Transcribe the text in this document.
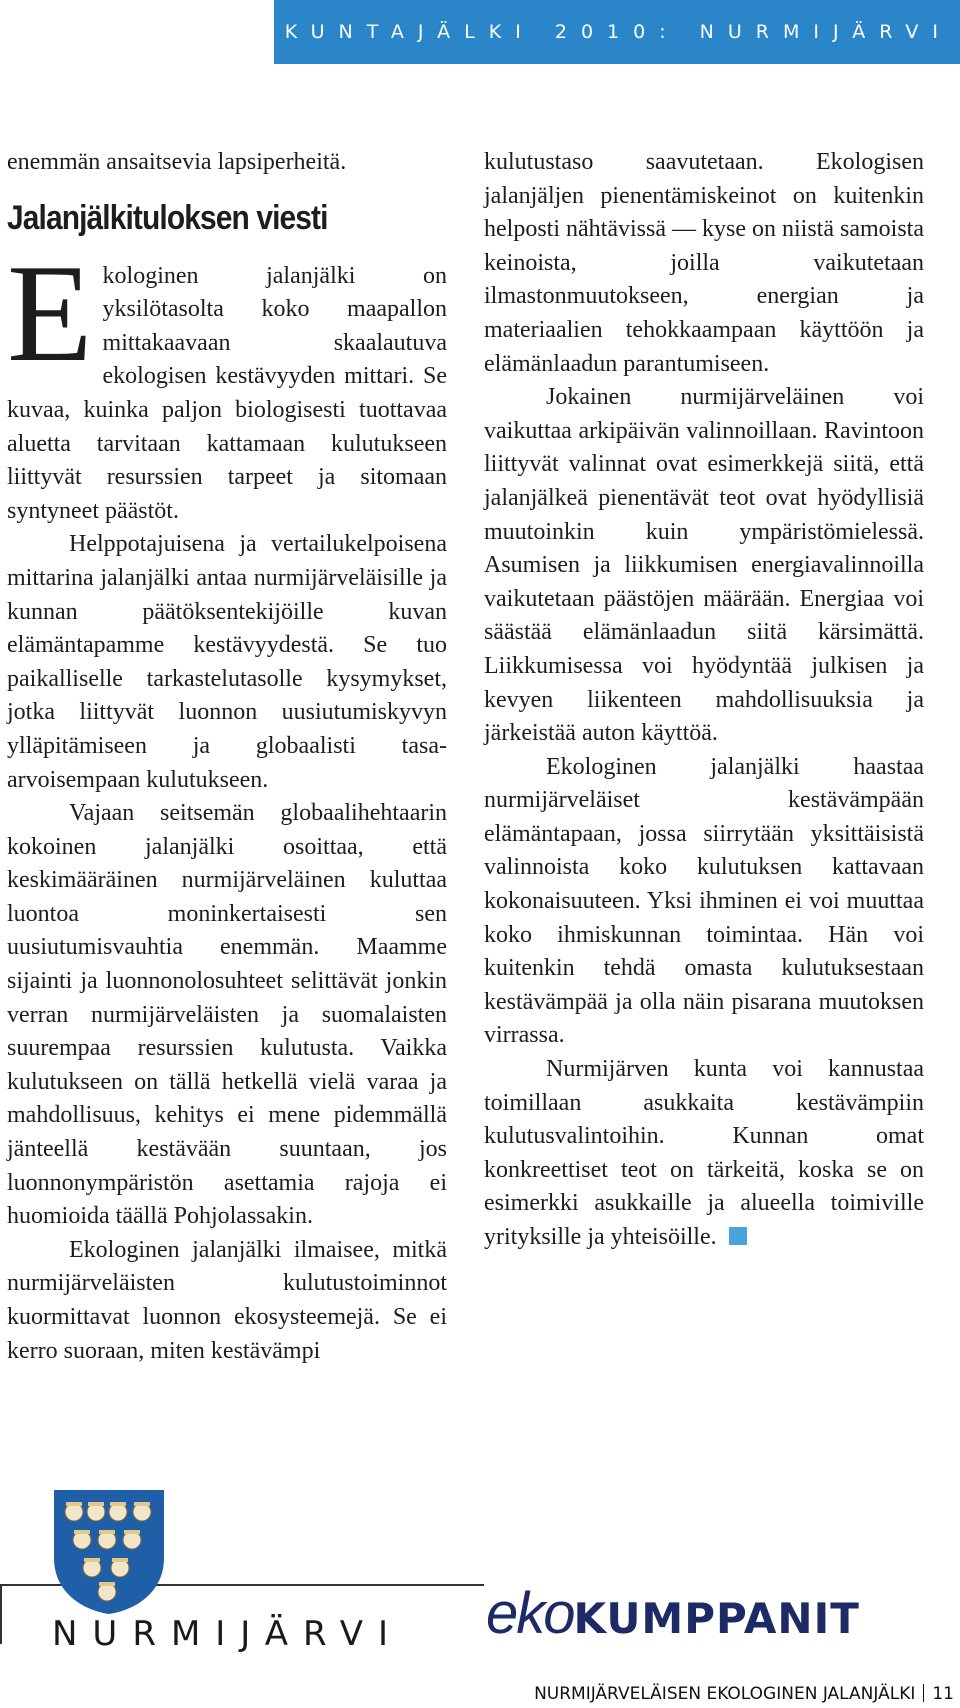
KUNTAJÄLKI 2010: NURMIJÄRVI

enemmän ansaitsevia lapsiperheitä.

Jalanjälkituloksen viesti

Ekologinen jalanjälki on yksilötasolta koko maapallon mittakaavaan skaalautuva ekologisen kestävyyden mittari. Se kuvaa, kuinka paljon biologisesti tuottavaa aluetta tarvitaan kattamaan kulutukseen liittyvät resurssien tarpeet ja sitomaan syntyneet päästöt.

Helppotajuisena ja vertailukelpoisena mittarina jalanjälki antaa nurmijärveläisille ja kunnan päätöksentekijöille kuvan elämäntapamme kestävyydestä. Se tuo paikalliselle tarkastelutasolle kysymykset, jotka liittyvät luonnon uusiutumiskyvyn ylläpitämiseen ja globaalisti tasa-arvoisempaan kulutukseen.

Vajaan seitsemän globaalihehtaarin kokoinen jalanjälki osoittaa, että keskimääräinen nurmijärveläinen kuluttaa luontoa moninkertaisesti sen uusiutumisvauhtia enemmän. Maamme sijainti ja luonnonolosuhteet selittävät jonkin verran nurmijärveläisten ja suomalaisten suurempaa resurssien kulutusta. Vaikka kulutukseen on tällä hetkellä vielä varaa ja mahdollisuus, kehitys ei mene pidemmällä jänteellä kestävään suuntaan, jos luonnonympäristön asettamia rajoja ei huomioida täällä Pohjolassakin.

Ekologinen jalanjälki ilmaisee, mitkä nurmijärveläisten kulutustoiminnot kuormittavat luonnon ekosysteemejä. Se ei kerro suoraan, miten kestävämpi

kulutustaso saavutetaan. Ekologisen jalanjäljen pienentämiskeinot on kuitenkin helposti nähtävissä — kyse on niistä samoista keinoista, joilla vaikutetaan ilmastonmuutokseen, energian ja materiaalien tehokkaampaan käyttöön ja elämänlaadun parantumiseen.

Jokainen nurmijärveläinen voi vaikuttaa arkipäivän valinnoillaan. Ravintoon liittyvät valinnat ovat esimerkkejä siitä, että jalanjälkeä pienentävät teot ovat hyödyllisiä muutoinkin kuin ympäristömielessä. Asumisen ja liikkumisen energiavalinnoilla vaikutetaan päästöjen määrään. Energiaa voi säästää elämänlaadun siitä kärsimättä. Liikkumisessa voi hyödyntää julkisen ja kevyen liikenteen mahdollisuuksia ja järkeistää auton käyttöä.

Ekologinen jalanjälki haastaa nurmijärveläiset kestävämpään elämäntapaan, jossa siirrytään yksittäisistä valinnoista koko kulutuksen kattavaan kokonaisuuteen. Yksi ihminen ei voi muuttaa koko ihmiskunnan toimintaa. Hän voi kuitenkin tehdä omasta kulutuksestaan kestävämpää ja olla näin pisarana muutoksen virrassa.

Nurmijärven kunta voi kannustaa toimillaan asukkaita kestävämpiin kulutusvalintoihin. Kunnan omat konkreettiset teot on tärkeitä, koska se on esimerkki asukkaille ja alueella toimiville yrityksille ja yhteisöille.

NURMIJÄRVI ekoKUMPPANIT
NURMIJÄRVELÄISEN EKOLOGINEN JALANJÄLKI 11
